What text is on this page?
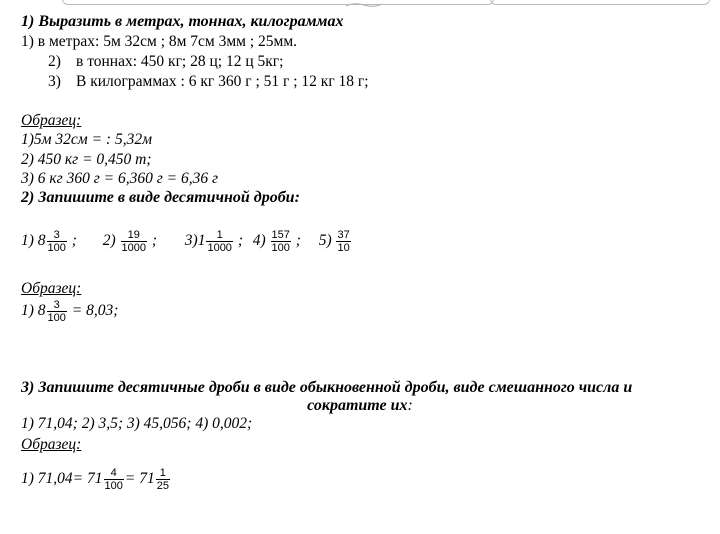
1) Выразить в метрах, тоннах, килограммах
1) в метрах: 5м 32см ; 8м 7см 3мм ; 25мм.
2) в тоннах: 450 кг; 28 ц; 12 ц 5кг;
3) В килограммах : 6 кг 360 г ; 51 г ; 12 кг 18 г;
Образец:
1)5м 32см = : 5,32м
2) 450 кг = 0,450 т;
3) 6 кг 360 г = 6,360 г = 6,36 г
2) Запишите в виде десятичной дроби:
1) $8 \frac{3}{100}$ ; $2) \frac{19}{1000}$ ; $3)1 \frac{1}{1000}$ ; $4) \frac{157}{100}$ ; $5) \frac{37}{10}$
Образец:
1) $8 \frac{3}{100} = 8,03$;
3) Запишите десятичные дроби в виде обыкновенной дроби, виде смешанного числа и
сократите их:
1) 71,04; 2) 3,5; 3) 45,056; 4) 0,002;
Образец:
1) $71,04= 71 \frac{4}{100} = 71 \frac{1}{25}$
